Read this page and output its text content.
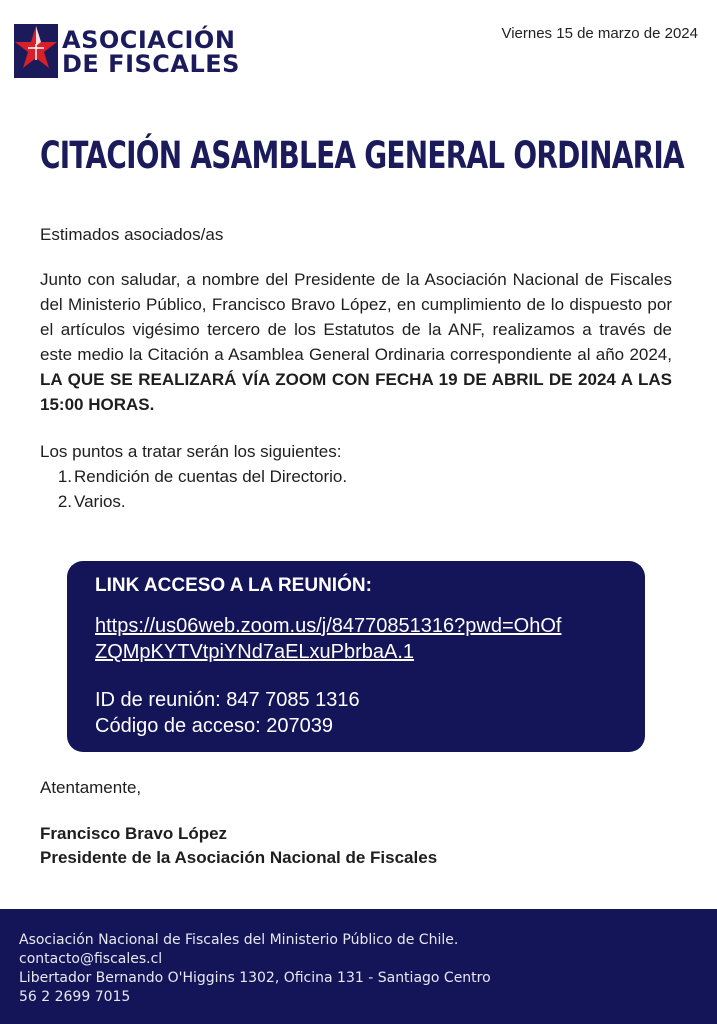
ASOCIACIÓN
DE FISCALES
Viernes 15 de marzo de 2024
CITACIÓN ASAMBLEA GENERAL ORDINARIA

Estimados asociados/as

Junto con saludar, a nombre del Presidente de la Asociación Nacional de Fiscales del Ministerio Público, Francisco Bravo López, en cumplimiento de lo dispuesto por el artículos vigésimo tercero de los Estatutos de la ANF, realizamos a través de este medio la Citación a Asamblea General Ordinaria correspondiente al año 2024, LA QUE SE REALIZARÁ VÍA ZOOM CON FECHA 19 DE ABRIL DE 2024 A LAS 15:00 HORAS.

Los puntos a tratar serán los siguientes:

1. Rendición de cuentas del Directorio.
2. Varios.
LINK ACCESO A LA REUNIÓN:
https://us06web.zoom.us/j/84770851316?pwd=OhOfZQMpKYTVtpiYNd7aELxuPbrbaA.1
ID de reunión: 847 7085 1316
Código de acceso: 207039

Atentamente,

Francisco Bravo López

Presidente de la Asociación Nacional de Fiscales

Asociación Nacional de Fiscales del Ministerio Público de Chile.
contacto@fiscales.cl
Libertador Bernando O'Higgins 1302, Oficina 131 - Santiago Centro
56 2 2699 7015
